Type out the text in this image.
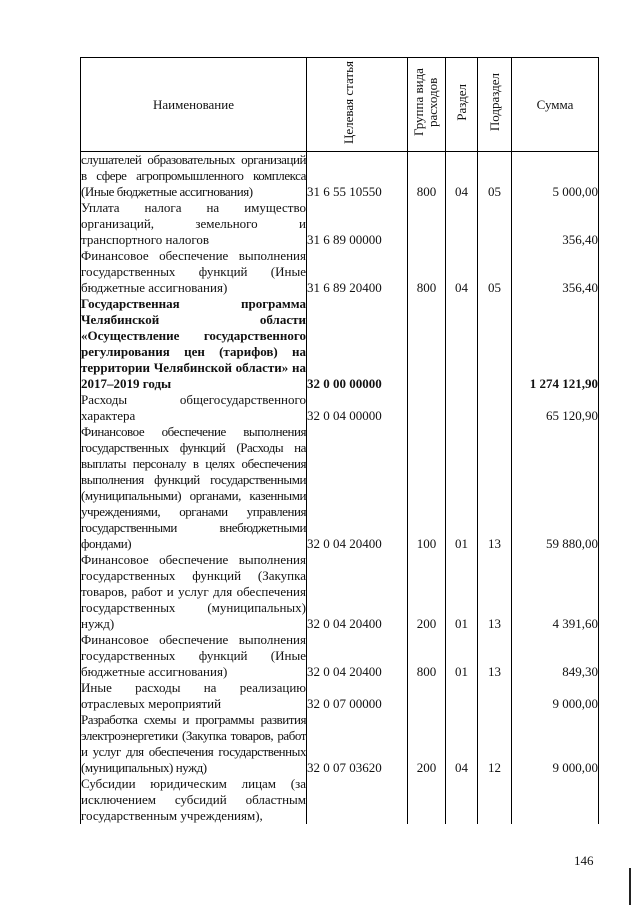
Наименование	Целевая статья	Группа вида расходов	Раздел	Подраздел	Сумма
слушателей образовательных организаций в сфере агропромышленного комплекса (Иные бюджетные ассигнования)	31 6 55 10550	800	04	05	5 000,00
Уплата налога на имущество организаций, земельного и транспортного налогов	31 6 89 00000				356,40
Финансовое обеспечение выполнения государственных функций (Иные бюджетные ассигнования)	31 6 89 20400	800	04	05	356,40
Государственная программа Челябинской области «Осуществление государственного регулирования цен (тарифов) на территории Челябинской области» на 2017–2019 годы	32 0 00 00000				1 274 121,90
Расходы общегосударственного характера	32 0 04 00000				65 120,90
Финансовое обеспечение выполнения государственных функций (Расходы на выплаты персоналу в целях обеспечения выполнения функций государственными (муниципальными) органами, казенными учреждениями, органами управления государственными внебюджетными фондами)	32 0 04 20400	100	01	13	59 880,00
Финансовое обеспечение выполнения государственных функций (Закупка товаров, работ и услуг для обеспечения государственных (муниципальных) нужд)	32 0 04 20400	200	01	13	4 391,60
Финансовое обеспечение выполнения государственных функций (Иные бюджетные ассигнования)	32 0 04 20400	800	01	13	849,30
Иные расходы на реализацию отраслевых мероприятий	32 0 07 00000				9 000,00
Разработка схемы и программы развития электроэнергетики (Закупка товаров, работ и услуг для обеспечения государственных (муниципальных) нужд)	32 0 07 03620	200	04	12	9 000,00
Субсидии юридическим лицам (за исключением субсидий областным государственным учреждениям),					
146
